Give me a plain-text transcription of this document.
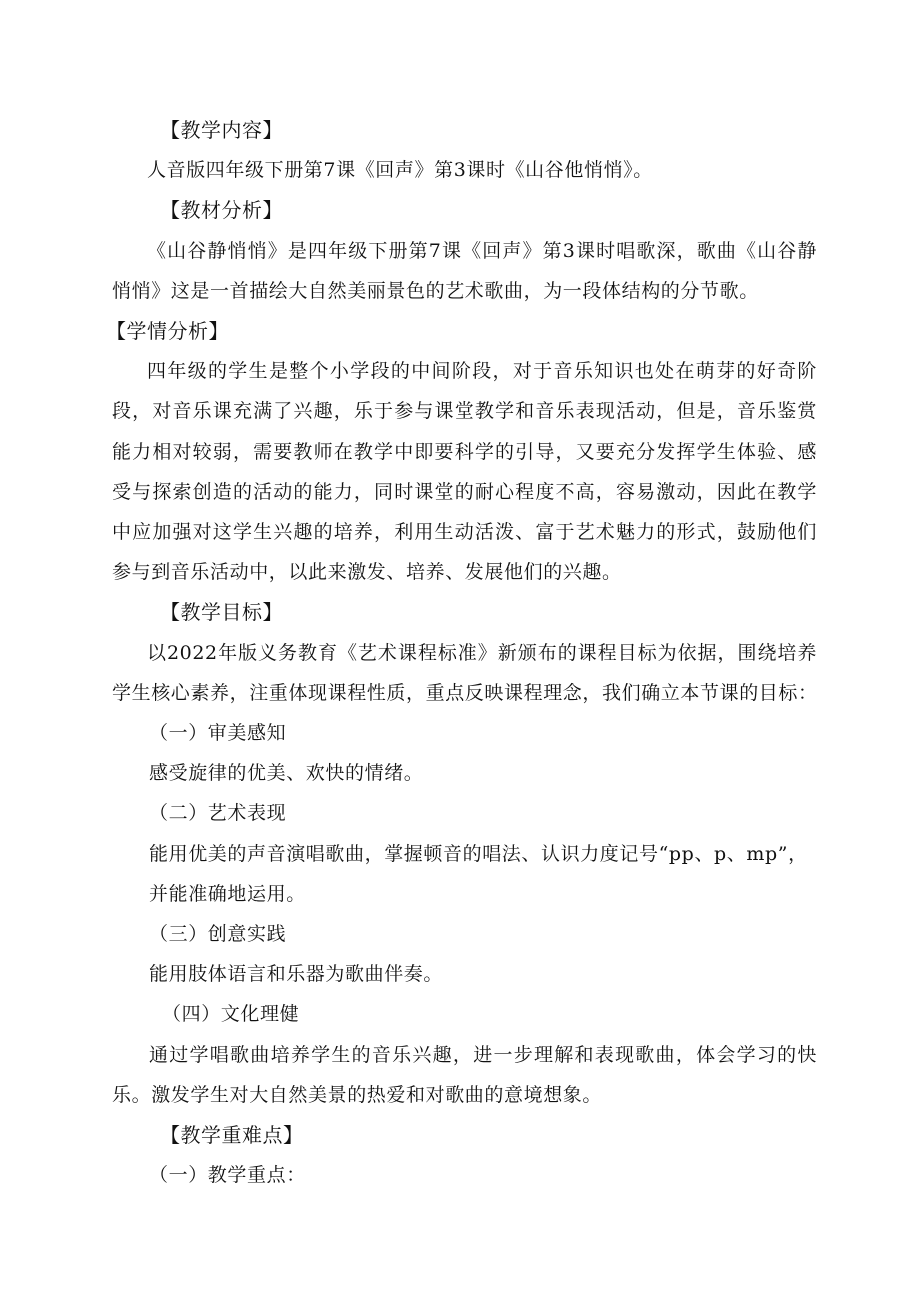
【教学内容】
人音版四年级下册第7课《回声》第3课时《山谷他悄悄》。
【教材分析】
《山谷静悄悄》是四年级下册第7课《回声》第3课时唱歌深，歌曲《山谷静
悄悄》这是一首描绘大自然美丽景色的艺术歌曲，为一段体结构的分节歌。
【学情分析】
四年级的学生是整个小学段的中间阶段，对于音乐知识也处在萌芽的好奇阶
段，对音乐课充满了兴趣，乐于参与课堂教学和音乐表现活动，但是，音乐鉴赏
能力相对较弱，需要教师在教学中即要科学的引导，又要充分发挥学生体验、感
受与探索创造的活动的能力，同时课堂的耐心程度不高，容易激动，因此在教学
中应加强对这学生兴趣的培养，利用生动活泼、富于艺术魅力的形式，鼓励他们
参与到音乐活动中，以此来激发、培养、发展他们的兴趣。
【教学目标】
以2022年版义务教育《艺术课程标准》新颁布的课程目标为依据，围绕培养
学生核心素养，注重体现课程性质，重点反映课程理念，我们确立本节课的目标：
（一）审美感知
感受旋律的优美、欢快的情绪。
（二）艺术表现
能用优美的声音演唱歌曲，掌握顿音的唱法、认识力度记号“pp、p、mp”，
并能准确地运用。
（三）创意实践
能用肢体语言和乐器为歌曲伴奏。
（四）文化理健
通过学唱歌曲培养学生的音乐兴趣，进一步理解和表现歌曲，体会学习的快
乐。激发学生对大自然美景的热爱和对歌曲的意境想象。
【教学重难点】
（一）教学重点：
